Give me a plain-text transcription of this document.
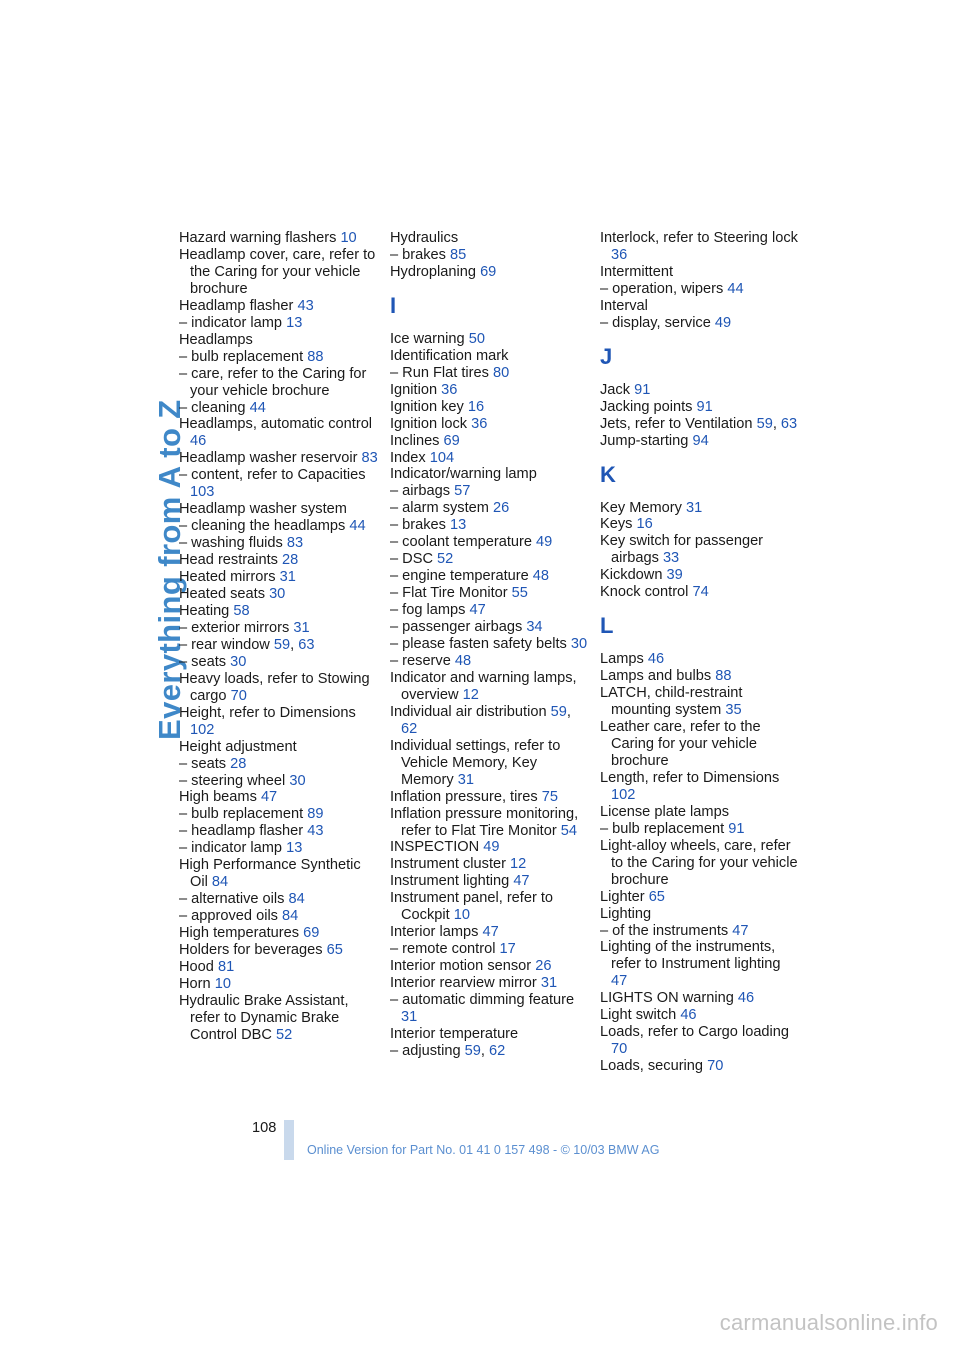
Everything from A to Z
Hazard warning flashers 10
Headlamp cover, care, refer to the Caring for your vehicle brochure
Headlamp flasher 43
– indicator lamp 13
Headlamps
– bulb replacement 88
– care, refer to the Caring for your vehicle brochure
– cleaning 44
Headlamps, automatic control 46
Headlamp washer reservoir 83
– content, refer to Capacities 103
Headlamp washer system
– cleaning the headlamps 44
– washing fluids 83
Head restraints 28
Heated mirrors 31
Heated seats 30
Heating 58
– exterior mirrors 31
– rear window 59, 63
– seats 30
Heavy loads, refer to Stowing cargo 70
Height, refer to Dimensions 102
Height adjustment
– seats 28
– steering wheel 30
High beams 47
– bulb replacement 89
– headlamp flasher 43
– indicator lamp 13
High Performance Synthetic Oil 84
– alternative oils 84
– approved oils 84
High temperatures 69
Holders for beverages 65
Hood 81
Horn 10
Hydraulic Brake Assistant, refer to Dynamic Brake Control DBC 52
Hydraulics
– brakes 85
Hydroplaning 69
I
Ice warning 50
Identification mark
– Run Flat tires 80
Ignition 36
Ignition key 16
Ignition lock 36
Inclines 69
Index 104
Indicator/warning lamp
– airbags 57
– alarm system 26
– brakes 13
– coolant temperature 49
– DSC 52
– engine temperature 48
– Flat Tire Monitor 55
– fog lamps 47
– passenger airbags 34
– please fasten safety belts 30
– reserve 48
Indicator and warning lamps, overview 12
Individual air distribution 59, 62
Individual settings, refer to Vehicle Memory, Key Memory 31
Inflation pressure, tires 75
Inflation pressure monitoring, refer to Flat Tire Monitor 54
INSPECTION 49
Instrument cluster 12
Instrument lighting 47
Instrument panel, refer to Cockpit 10
Interior lamps 47
– remote control 17
Interior motion sensor 26
Interior rearview mirror 31
– automatic dimming feature 31
Interior temperature
– adjusting 59, 62
Interlock, refer to Steering lock 36
Intermittent
– operation, wipers 44
Interval
– display, service 49
J
Jack 91
Jacking points 91
Jets, refer to Ventilation 59, 63
Jump-starting 94
K
Key Memory 31
Keys 16
Key switch for passenger airbags 33
Kickdown 39
Knock control 74
L
Lamps 46
Lamps and bulbs 88
LATCH, child-restraint mounting system 35
Leather care, refer to the Caring for your vehicle brochure
Length, refer to Dimensions 102
License plate lamps
– bulb replacement 91
Light-alloy wheels, care, refer to the Caring for your vehicle brochure
Lighter 65
Lighting
– of the instruments 47
Lighting of the instruments, refer to Instrument lighting 47
LIGHTS ON warning 46
Light switch 46
Loads, refer to Cargo loading 70
Loads, securing 70
108
Online Version for Part No. 01 41 0 157 498 - © 10/03 BMW AG
carmanualsonline.info
